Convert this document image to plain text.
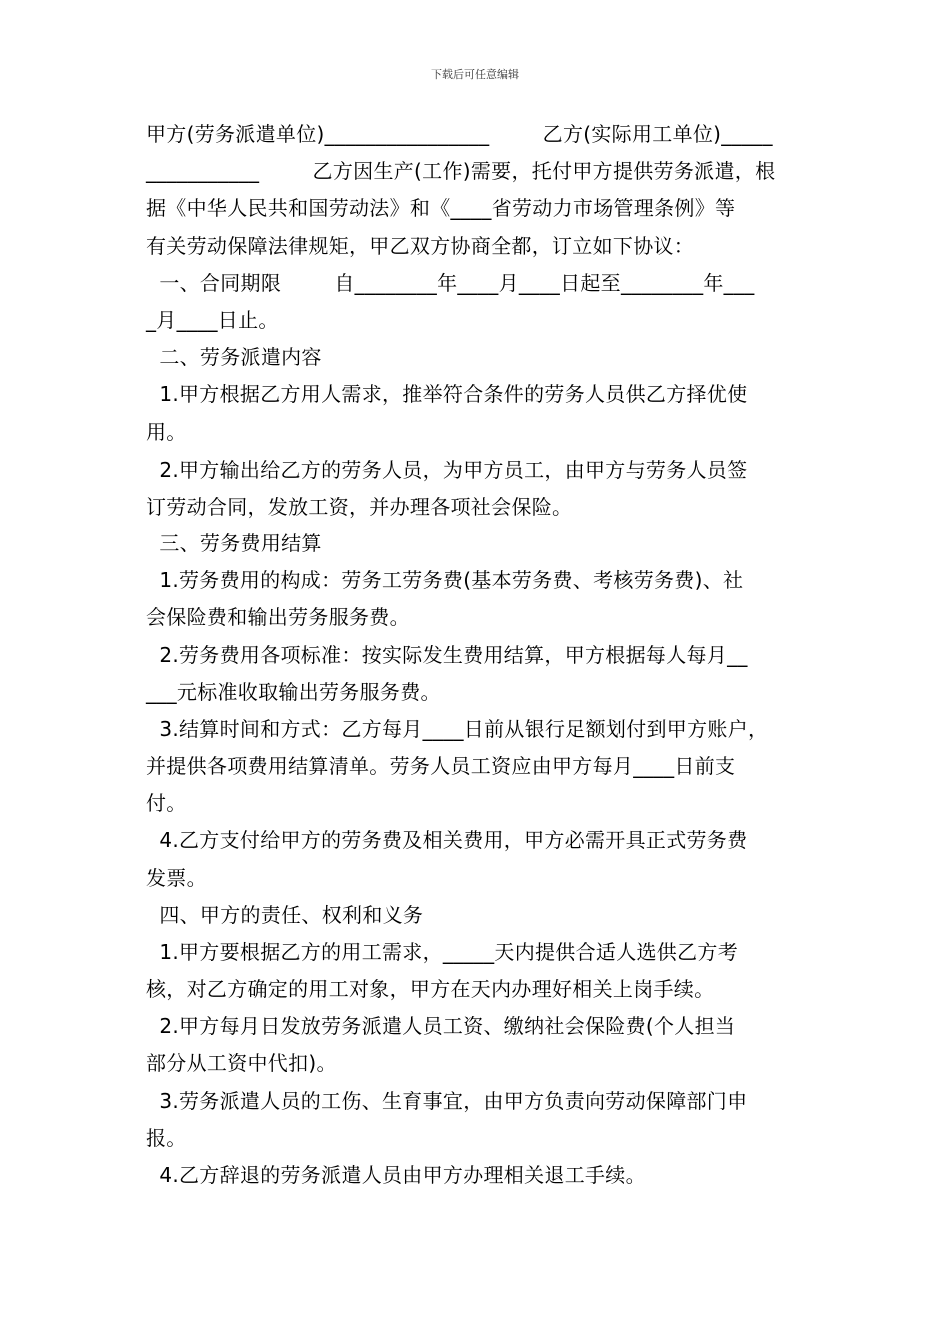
下载后可任意编辑
甲方(劳务派遣单位)________________        乙方(实际用工单位)_____
___________        乙方因生产(工作)需要，托付甲方提供劳务派遣，根
据《中华人民共和国劳动法》和《____省劳动力市场管理条例》等
有关劳动保障法律规矩，甲乙双方协商全都，订立如下协议：
一、合同期限        自________年____月____日起至________年___
_月____日止。
二、劳务派遣内容
1.甲方根据乙方用人需求，推举符合条件的劳务人员供乙方择优使
用。
2.甲方输出给乙方的劳务人员，为甲方员工，由甲方与劳务人员签
订劳动合同，发放工资，并办理各项社会保险。
三、劳务费用结算
1.劳务费用的构成：劳务工劳务费(基本劳务费、考核劳务费)、社
会保险费和输出劳务服务费。
2.劳务费用各项标准：按实际发生费用结算，甲方根据每人每月__
___元标准收取输出劳务服务费。
3.结算时间和方式：乙方每月____日前从银行足额划付到甲方账户，
并提供各项费用结算清单。劳务人员工资应由甲方每月____日前支
付。
4.乙方支付给甲方的劳务费及相关费用，甲方必需开具正式劳务费
发票。
四、甲方的责任、权利和义务
1.甲方要根据乙方的用工需求，_____天内提供合适人选供乙方考
核，对乙方确定的用工对象，甲方在天内办理好相关上岗手续。
2.甲方每月日发放劳务派遣人员工资、缴纳社会保险费(个人担当
部分从工资中代扣)。
3.劳务派遣人员的工伤、生育事宜，由甲方负责向劳动保障部门申
报。
4.乙方辞退的劳务派遣人员由甲方办理相关退工手续。
